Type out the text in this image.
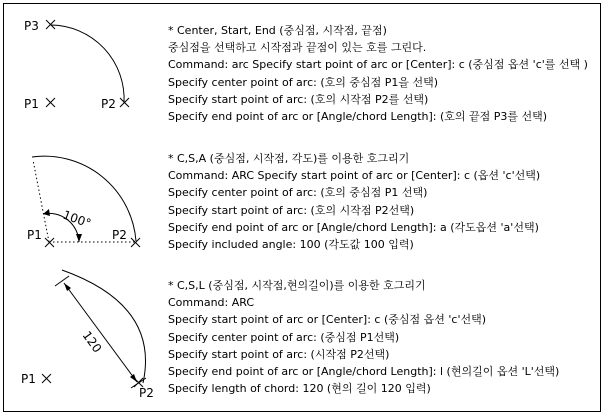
P3
P1	P2
100°
P1	P2
120
P1
P2
* Center, Start, End (중심점, 시작점, 끝점)
중심점을 선택하고 시작점과 끝점이 있는 호를 그린다.
Command: arc Specify start point of arc or [Center]: c (중심점 옵션 'c'를 선택 )
Specify center point of arc: (호의 중심점 P1을 선택)
Specify start point of arc: (호의 시작점 P2를 선택)
Specify end point of arc or [Angle/chord Length]: (호의 끝점 P3를 선택)
* C,S,A (중심점, 시작점, 각도)를 이용한 호그리기
Command: ARC Specify start point of arc or [Center]: c (옵션 'c'선택)
Specify center point of arc: (호의 중심점 P1 선택)
Specify start point of arc: (호의 시작점 P2선택)
Specify end point of arc or [Angle/chord Length]: a (각도옵션 'a'선택)
Specify included angle: 100 (각도값 100 입력)
* C,S,L (중심점, 시작점,현의길이)를 이용한 호그리기
Command: ARC
Specify start point of arc or [Center]: c (중심점 옵션 'c'선택)
Specify center point of arc: (중심점 P1선택)
Specify start point of arc: (시작점 P2선택)
Specify end point of arc or [Angle/chord Length]: l (현의길이 옵션 'L'선택)
Specify length of chord: 120 (현의 길이 120 입력)
